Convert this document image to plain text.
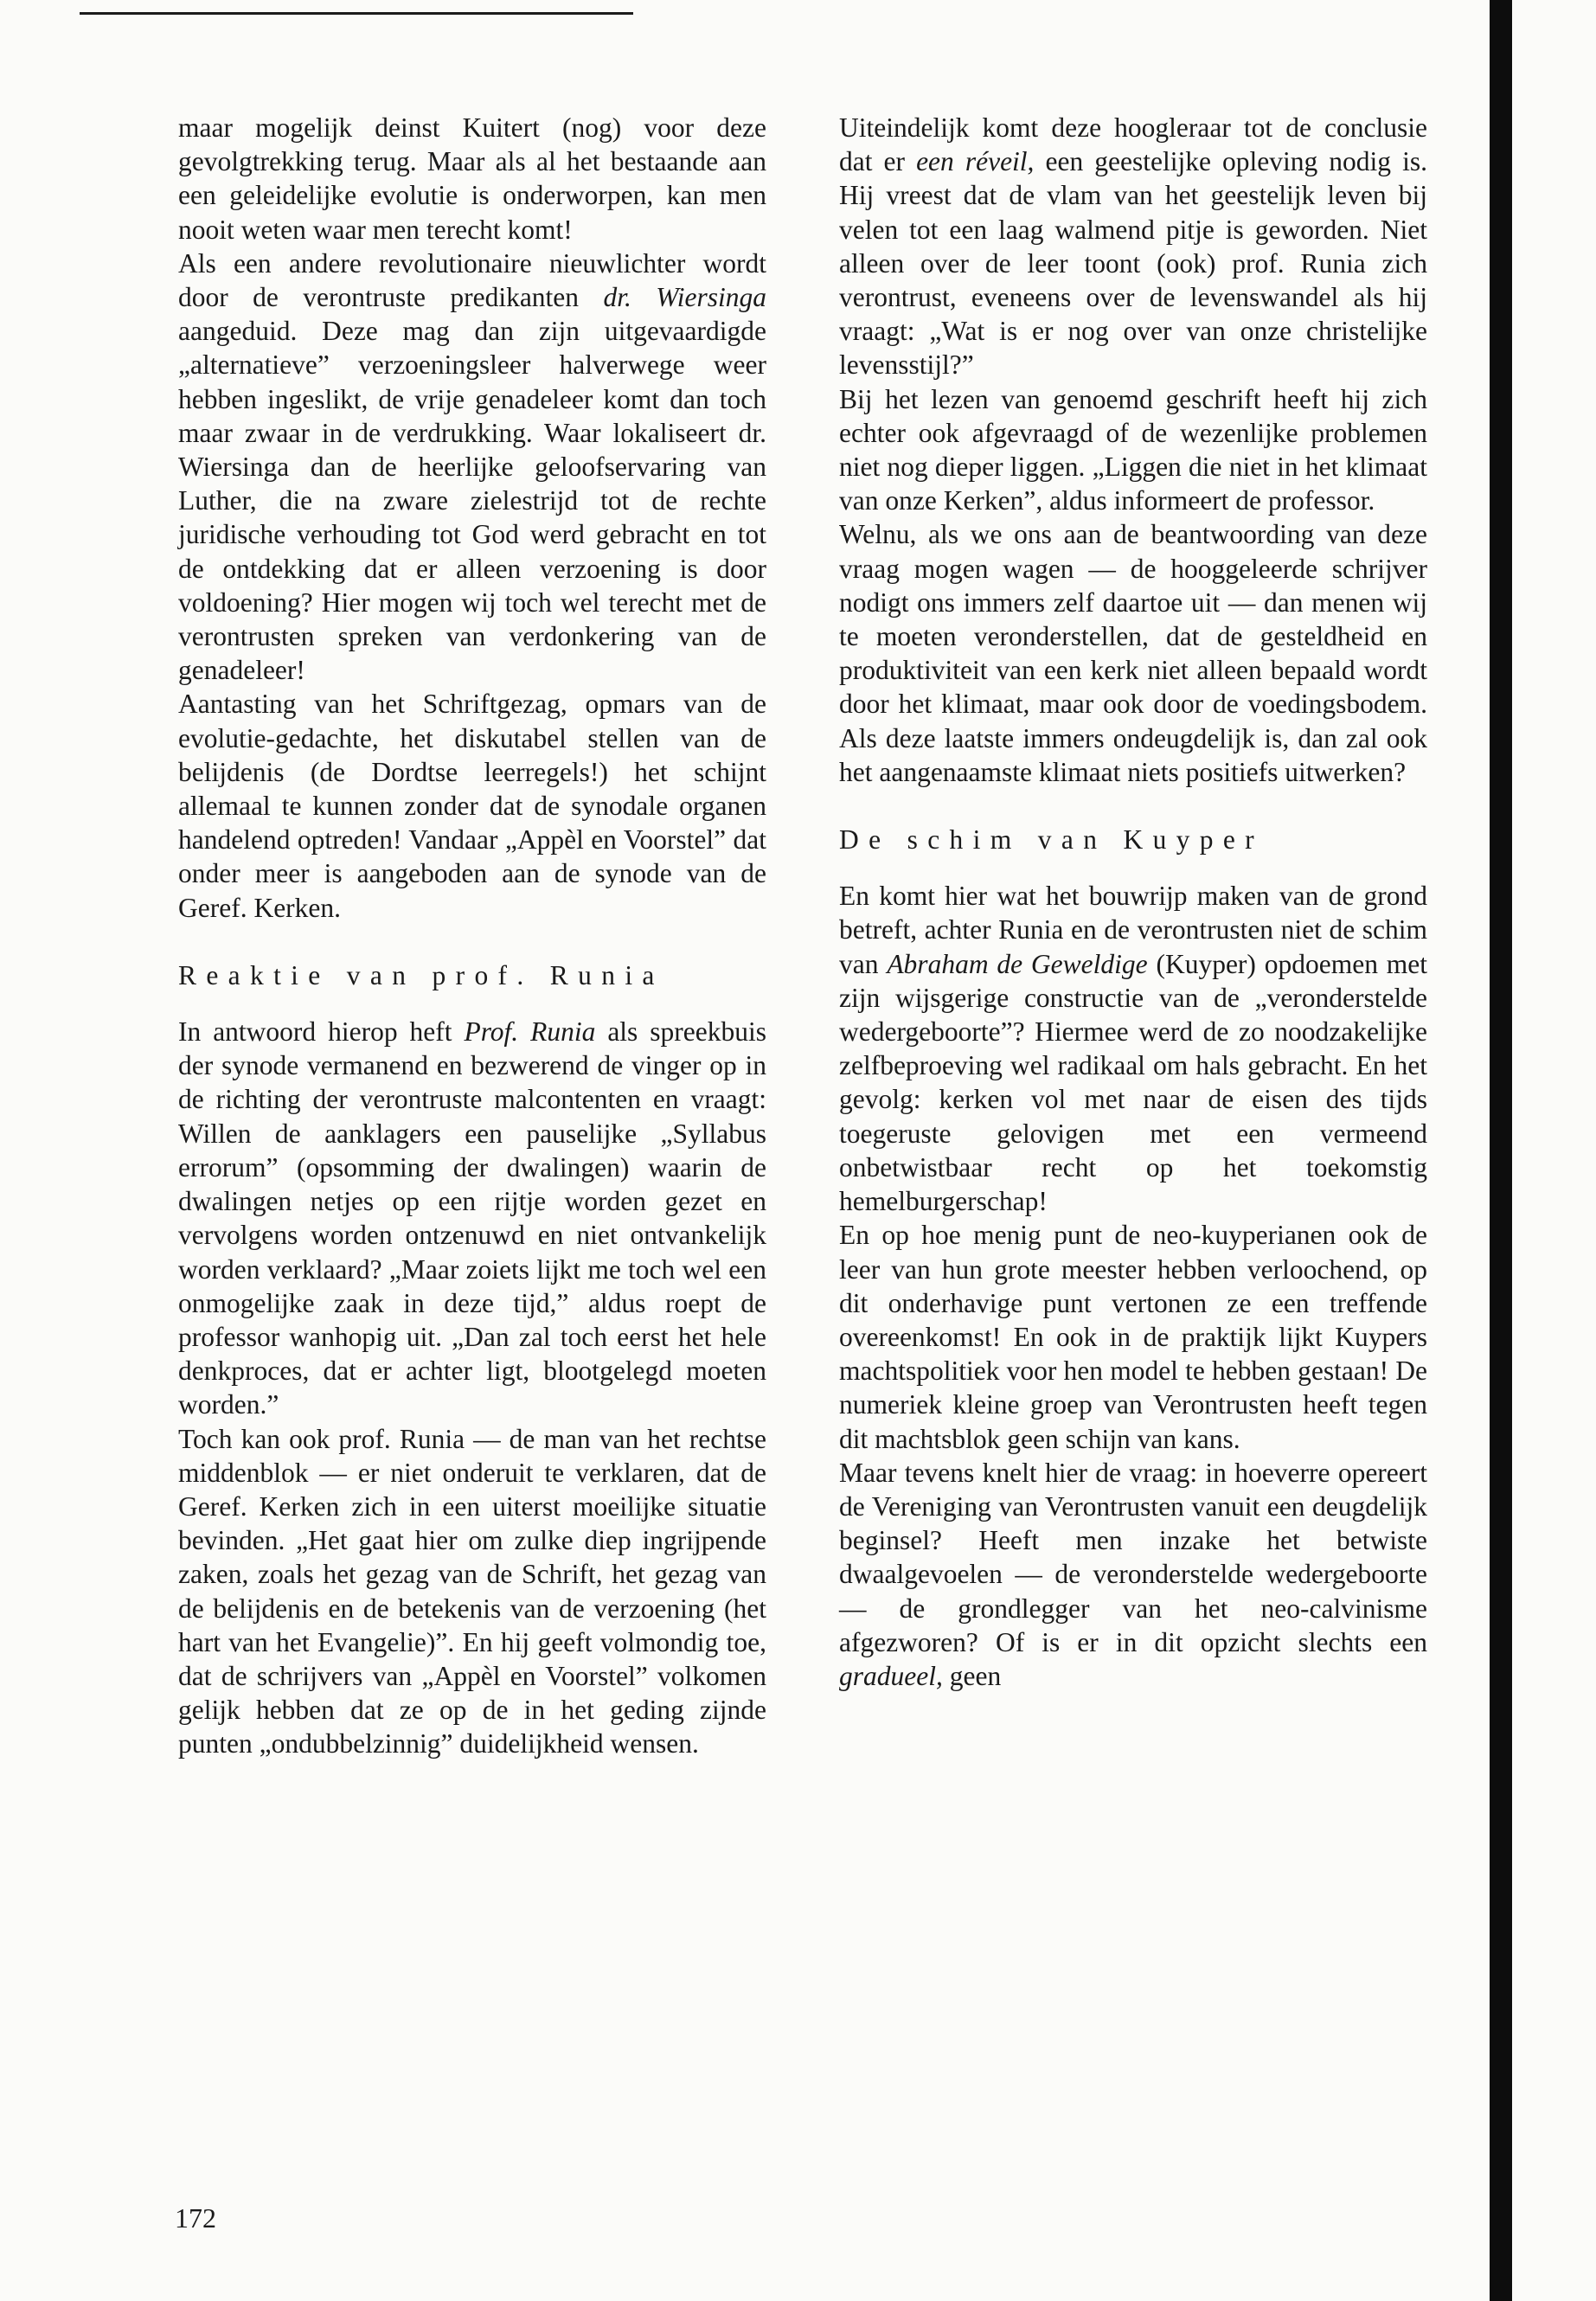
maar mogelijk deinst Kuitert (nog) voor deze gevolgtrekking terug. Maar als al het bestaande aan een geleidelijke evolutie is onderworpen, kan men nooit weten waar men terecht komt!

Als een andere revolutionaire nieuwlichter wordt door de verontruste predikanten dr. Wiersinga aangeduid. Deze mag dan zijn uitgevaardigde „alternatieve” verzoeningsleer halverwege weer hebben ingeslikt, de vrije genadeleer komt dan toch maar zwaar in de verdrukking. Waar lokaliseert dr. Wiersinga dan de heerlijke geloofservaring van Luther, die na zware zielestrijd tot de rechte juridische verhouding tot God werd gebracht en tot de ontdekking dat er alleen verzoening is door voldoening? Hier mogen wij toch wel terecht met de verontrusten spreken van verdonkering van de genadeleer!

Aantasting van het Schriftgezag, opmars van de evolutie-gedachte, het diskutabel stellen van de belijdenis (de Dordtse leerregels!) het schijnt allemaal te kunnen zonder dat de synodale organen handelend optreden! Vandaar „Appèl en Voorstel” dat onder meer is aangeboden aan de synode van de Geref. Kerken.

Reaktie van prof. Runia

In antwoord hierop heft Prof. Runia als spreekbuis der synode vermanend en bezwerend de vinger op in de richting der verontruste malcontenten en vraagt: Willen de aanklagers een pauselijke „Syllabus errorum” (opsomming der dwalingen) waarin de dwalingen netjes op een rijtje worden gezet en vervolgens worden ontzenuwd en niet ontvankelijk worden verklaard? „Maar zoiets lijkt me toch wel een onmogelijke zaak in deze tijd,” aldus roept de professor wanhopig uit. „Dan zal toch eerst het hele denkproces, dat er achter ligt, blootgelegd moeten worden.”

Toch kan ook prof. Runia — de man van het rechtse middenblok — er niet onderuit te verklaren, dat de Geref. Kerken zich in een uiterst moeilijke situatie bevinden. „Het gaat hier om zulke diep ingrijpende zaken, zoals het gezag van de Schrift, het gezag van de belijdenis en de betekenis van de verzoening (het hart van het Evangelie)”. En hij geeft volmondig toe, dat de schrijvers van „Appèl en Voorstel” volkomen gelijk hebben dat ze op de in het geding zijnde punten „ondubbelzinnig” duidelijkheid wensen.

Uiteindelijk komt deze hoogleraar tot de conclusie dat er een réveil, een geestelijke opleving nodig is. Hij vreest dat de vlam van het geestelijk leven bij velen tot een laag walmend pitje is geworden. Niet alleen over de leer toont (ook) prof. Runia zich verontrust, eveneens over de levenswandel als hij vraagt: „Wat is er nog over van onze christelijke levensstijl?”

Bij het lezen van genoemd geschrift heeft hij zich echter ook afgevraagd of de wezenlijke problemen niet nog dieper liggen. „Liggen die niet in het klimaat van onze Kerken”, aldus informeert de professor.

Welnu, als we ons aan de beantwoording van deze vraag mogen wagen — de hooggeleerde schrijver nodigt ons immers zelf daartoe uit — dan menen wij te moeten veronderstellen, dat de gesteldheid en produktiviteit van een kerk niet alleen bepaald wordt door het klimaat, maar ook door de voedingsbodem. Als deze laatste immers ondeugdelijk is, dan zal ook het aangenaamste klimaat niets positiefs uitwerken?

De schim van Kuyper

En komt hier wat het bouwrijp maken van de grond betreft, achter Runia en de verontrusten niet de schim van Abraham de Geweldige (Kuyper) opdoemen met zijn wijsgerige constructie van de „veronderstelde wedergeboorte”? Hiermee werd de zo noodzakelijke zelfbeproeving wel radikaal om hals gebracht. En het gevolg: kerken vol met naar de eisen des tijds toegeruste gelovigen met een vermeend onbetwistbaar recht op het toekomstig hemelburgerschap!

En op hoe menig punt de neo-kuyperianen ook de leer van hun grote meester hebben verloochend, op dit onderhavige punt vertonen ze een treffende overeenkomst! En ook in de praktijk lijkt Kuypers machtspolitiek voor hen model te hebben gestaan! De numeriek kleine groep van Verontrusten heeft tegen dit machtsblok geen schijn van kans.

Maar tevens knelt hier de vraag: in hoeverre opereert de Vereniging van Verontrusten vanuit een deugdelijk beginsel? Heeft men inzake het betwiste dwaalgevoelen — de veronderstelde wedergeboorte — de grondlegger van het neo-calvinisme afgezworen? Of is er in dit opzicht slechts een gradueel, geen

172
